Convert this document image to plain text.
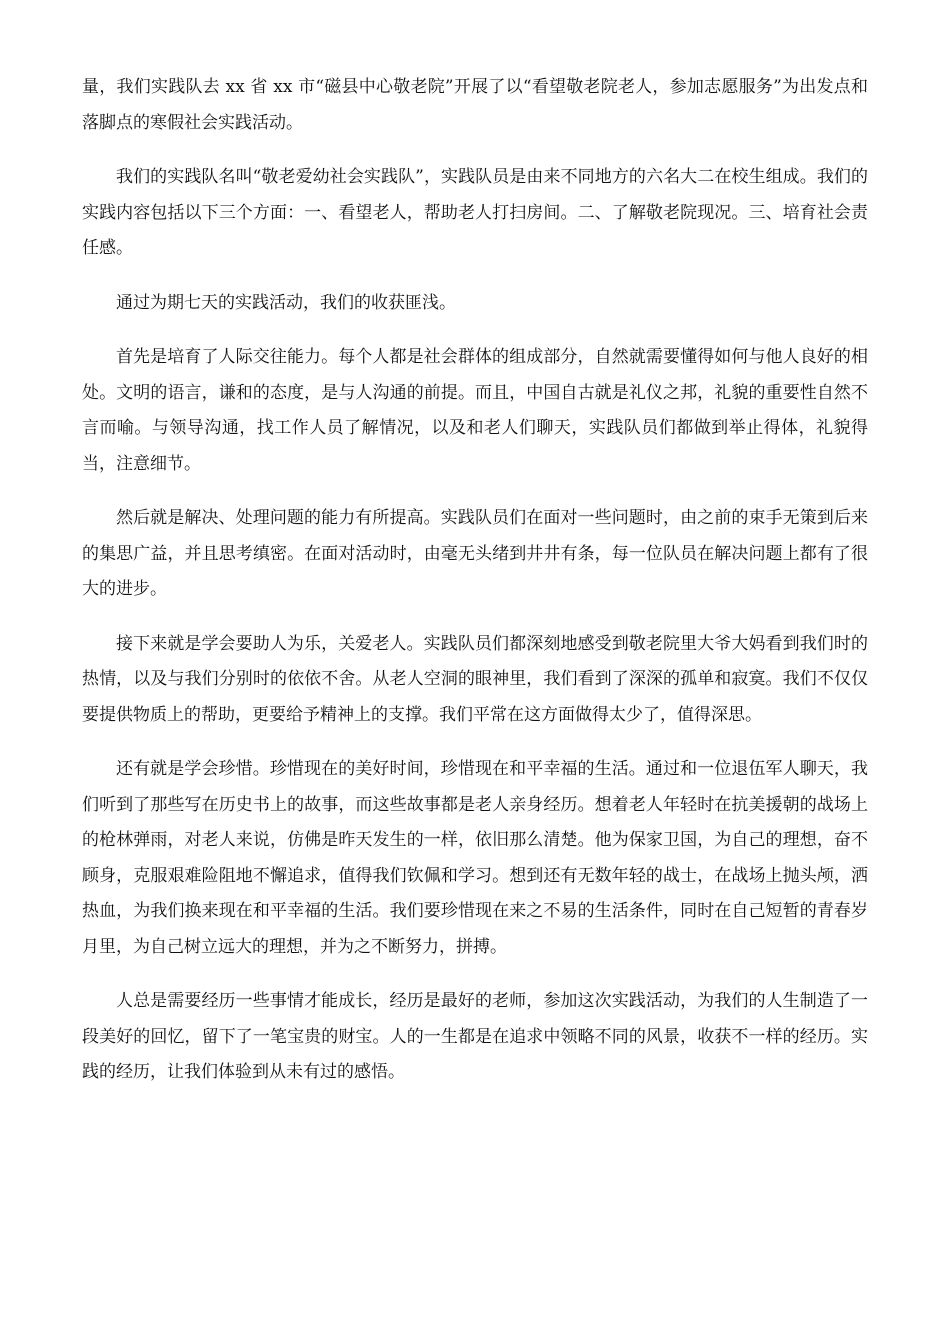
量，我们实践队去 xx 省 xx 市“磁县中心敬老院”开展了以“看望敬老院老人，参加志愿服务”为出发点和落脚点的寒假社会实践活动。

我们的实践队名叫“敬老爱幼社会实践队”，实践队员是由来不同地方的六名大二在校生组成。我们的实践内容包括以下三个方面：一、看望老人，帮助老人打扫房间。二、了解敬老院现况。三、培育社会责任感。

通过为期七天的实践活动，我们的收获匪浅。

首先是培育了人际交往能力。每个人都是社会群体的组成部分，自然就需要懂得如何与他人良好的相处。文明的语言，谦和的态度，是与人沟通的前提。而且，中国自古就是礼仪之邦，礼貌的重要性自然不言而喻。与领导沟通，找工作人员了解情况，以及和老人们聊天，实践队员们都做到举止得体，礼貌得当，注意细节。

然后就是解决、处理问题的能力有所提高。实践队员们在面对一些问题时，由之前的束手无策到后来的集思广益，并且思考缜密。在面对活动时，由毫无头绪到井井有条，每一位队员在解决问题上都有了很大的进步。

接下来就是学会要助人为乐，关爱老人。实践队员们都深刻地感受到敬老院里大爷大妈看到我们时的热情，以及与我们分别时的依依不舍。从老人空洞的眼神里，我们看到了深深的孤单和寂寞。我们不仅仅要提供物质上的帮助，更要给予精神上的支撑。我们平常在这方面做得太少了，值得深思。

还有就是学会珍惜。珍惜现在的美好时间，珍惜现在和平幸福的生活。通过和一位退伍军人聊天，我们听到了那些写在历史书上的故事，而这些故事都是老人亲身经历。想着老人年轻时在抗美援朝的战场上的枪林弹雨，对老人来说，仿佛是昨天发生的一样，依旧那么清楚。他为保家卫国，为自己的理想，奋不顾身，克服艰难险阻地不懈追求，值得我们钦佩和学习。想到还有无数年轻的战士，在战场上抛头颅，洒热血，为我们换来现在和平幸福的生活。我们要珍惜现在来之不易的生活条件，同时在自己短暂的青春岁月里，为自己树立远大的理想，并为之不断努力，拼搏。

人总是需要经历一些事情才能成长，经历是最好的老师，参加这次实践活动，为我们的人生制造了一段美好的回忆，留下了一笔宝贵的财宝。人的一生都是在追求中领略不同的风景，收获不一样的经历。实践的经历，让我们体验到从未有过的感悟。
